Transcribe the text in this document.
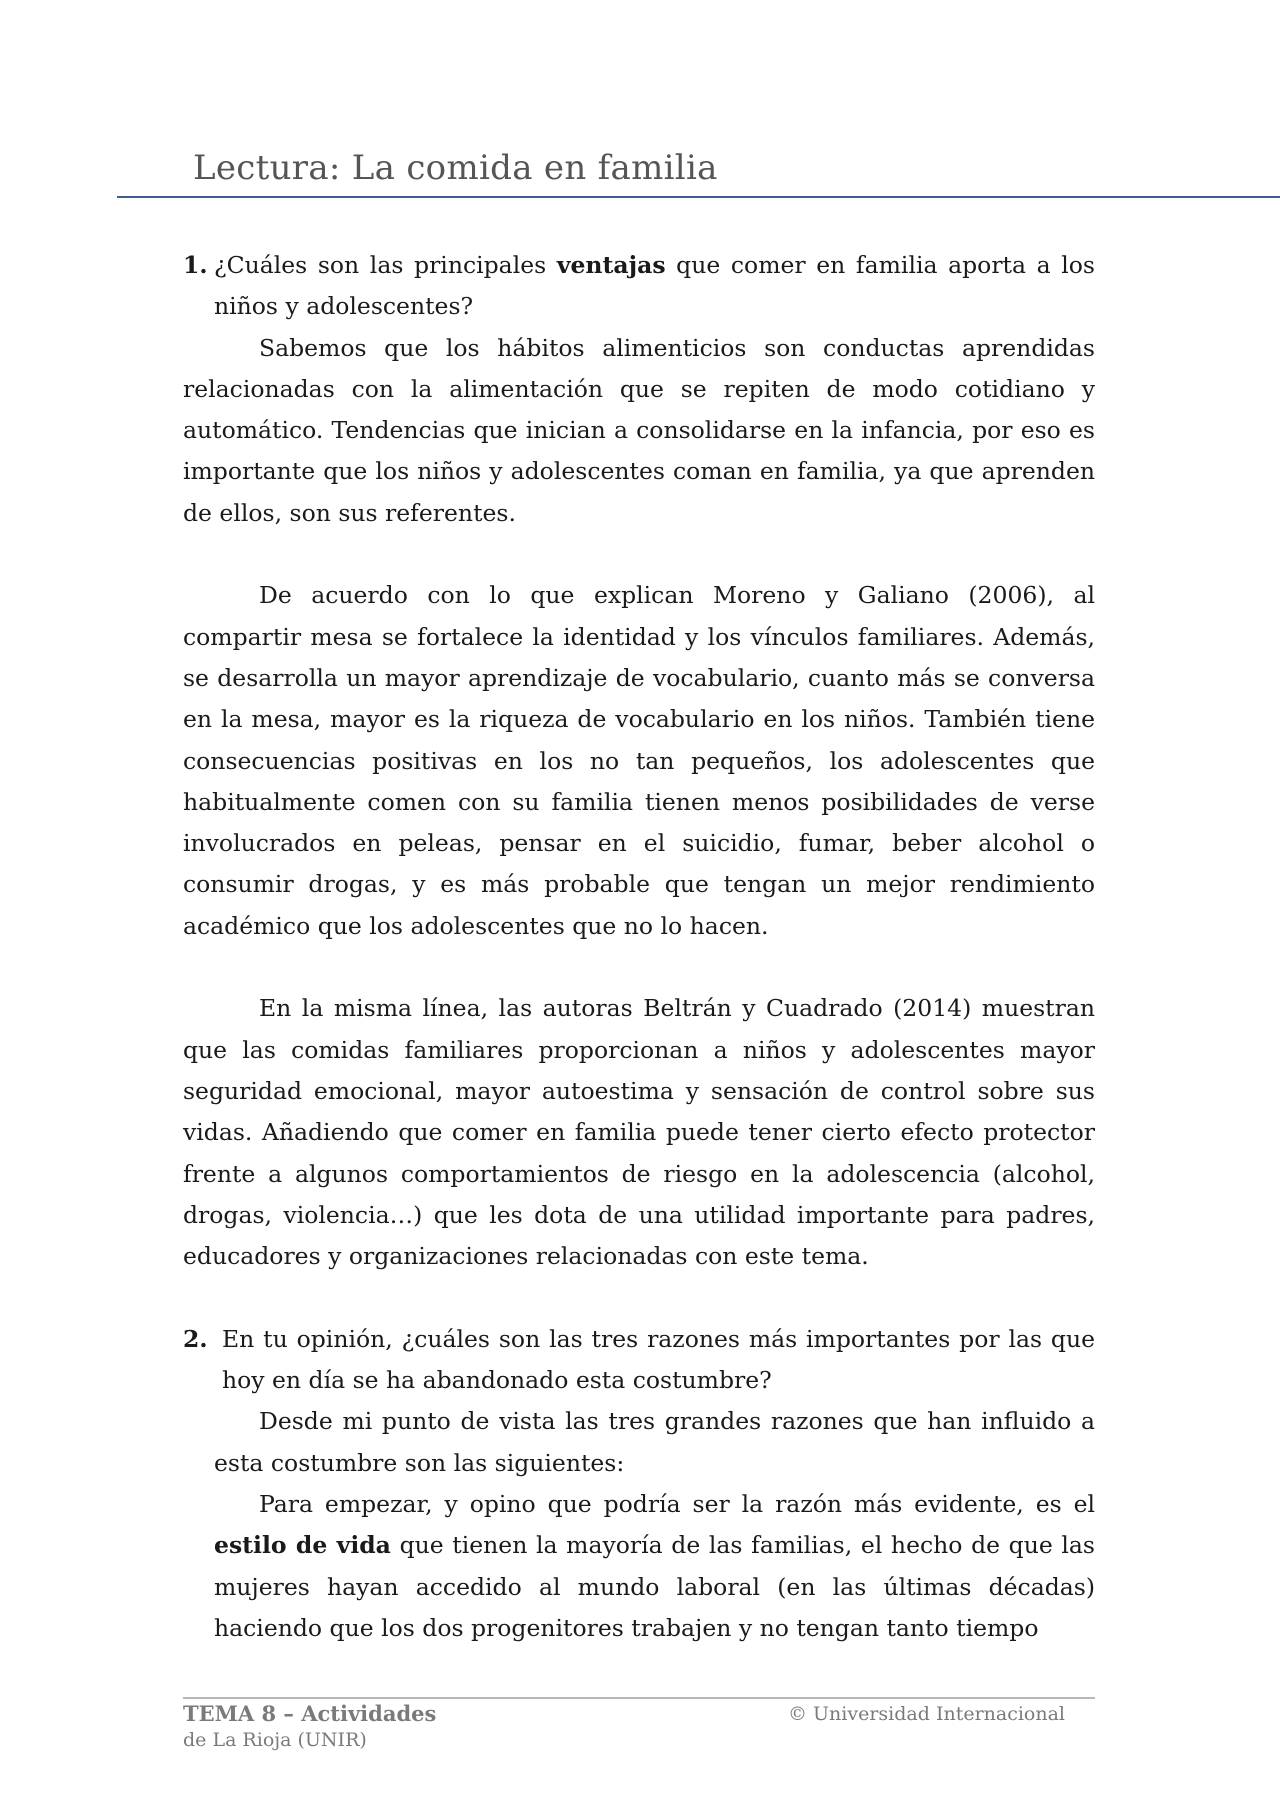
Lectura: La comida en familia

1. ¿Cuáles son las principales ventajas que comer en familia aporta a los niños y adolescentes?

Sabemos que los hábitos alimenticios son conductas aprendidas relacionadas con la alimentación que se repiten de modo cotidiano y automático. Tendencias que inician a consolidarse en la infancia, por eso es importante que los niños y adolescentes coman en familia, ya que aprenden de ellos, son sus referentes.

De acuerdo con lo que explican Moreno y Galiano (2006), al compartir mesa se fortalece la identidad y los vínculos familiares. Además, se desarrolla un mayor aprendizaje de vocabulario, cuanto más se conversa en la mesa, mayor es la riqueza de vocabulario en los niños. También tiene consecuencias positivas en los no tan pequeños, los adolescentes que habitualmente comen con su familia tienen menos posibilidades de verse involucrados en peleas, pensar en el suicidio, fumar, beber alcohol o consumir drogas, y es más probable que tengan un mejor rendimiento académico que los adolescentes que no lo hacen.

En la misma línea, las autoras Beltrán y Cuadrado (2014) muestran que las comidas familiares proporcionan a niños y adolescentes mayor seguridad emocional, mayor autoestima y sensación de control sobre sus vidas. Añadiendo que comer en familia puede tener cierto efecto protector frente a algunos comportamientos de riesgo en la adolescencia (alcohol, drogas, violencia…) que les dota de una utilidad importante para padres, educadores y organizaciones relacionadas con este tema.

2. En tu opinión, ¿cuáles son las tres razones más importantes por las que hoy en día se ha abandonado esta costumbre?

Desde mi punto de vista las tres grandes razones que han influido a esta costumbre son las siguientes:

Para empezar, y opino que podría ser la razón más evidente, es el estilo de vida que tienen la mayoría de las familias, el hecho de que las mujeres hayan accedido al mundo laboral (en las últimas décadas) haciendo que los dos progenitores trabajen y no tengan tanto tiempo

TEMA 8 – Actividades	© Universidad Internacional
de La Rioja (UNIR)
